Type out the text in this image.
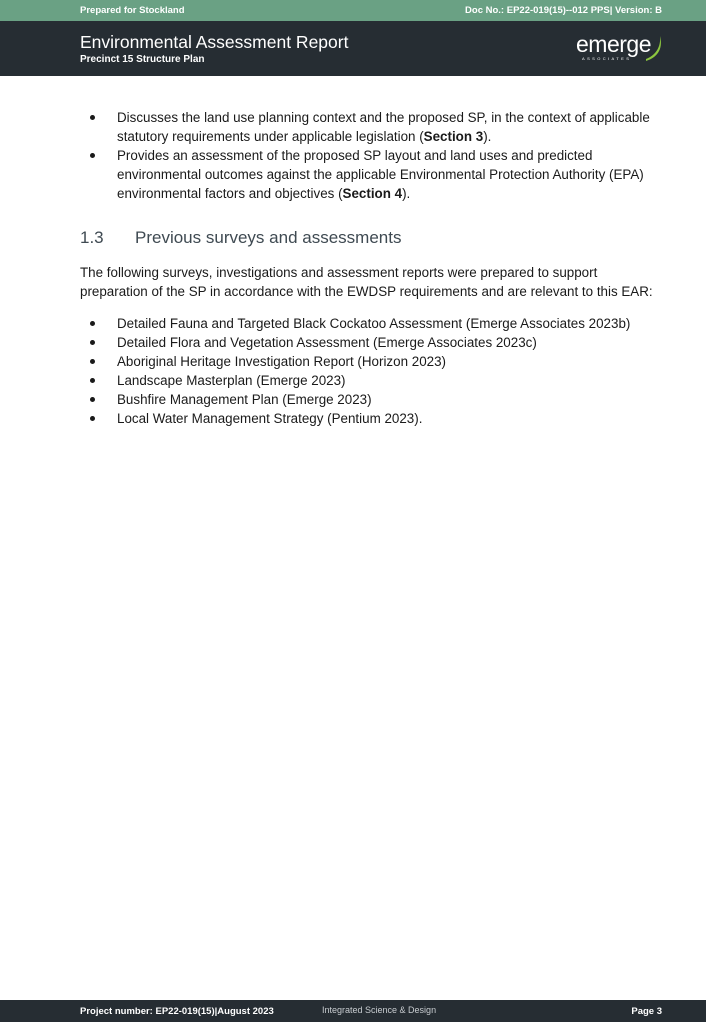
Prepared for Stockland	Doc No.: EP22-019(15)--012 PPS| Version: B
Environmental Assessment Report
Precinct 15 Structure Plan
emerge
ASSOCIATES
Discusses the land use planning context and the proposed SP, in the context of applicable statutory requirements under applicable legislation (Section 3).
Provides an assessment of the proposed SP layout and land uses and predicted environmental outcomes against the applicable Environmental Protection Authority (EPA) environmental factors and objectives (Section 4).
1.3 Previous surveys and assessments
The following surveys, investigations and assessment reports were prepared to support preparation of the SP in accordance with the EWDSP requirements and are relevant to this EAR:
Detailed Fauna and Targeted Black Cockatoo Assessment (Emerge Associates 2023b)
Detailed Flora and Vegetation Assessment (Emerge Associates 2023c)
Aboriginal Heritage Investigation Report (Horizon 2023)
Landscape Masterplan (Emerge 2023)
Bushfire Management Plan (Emerge 2023)
Local Water Management Strategy (Pentium 2023).
Project number: EP22-019(15)|August 2023	Integrated Science & Design	Page 3
